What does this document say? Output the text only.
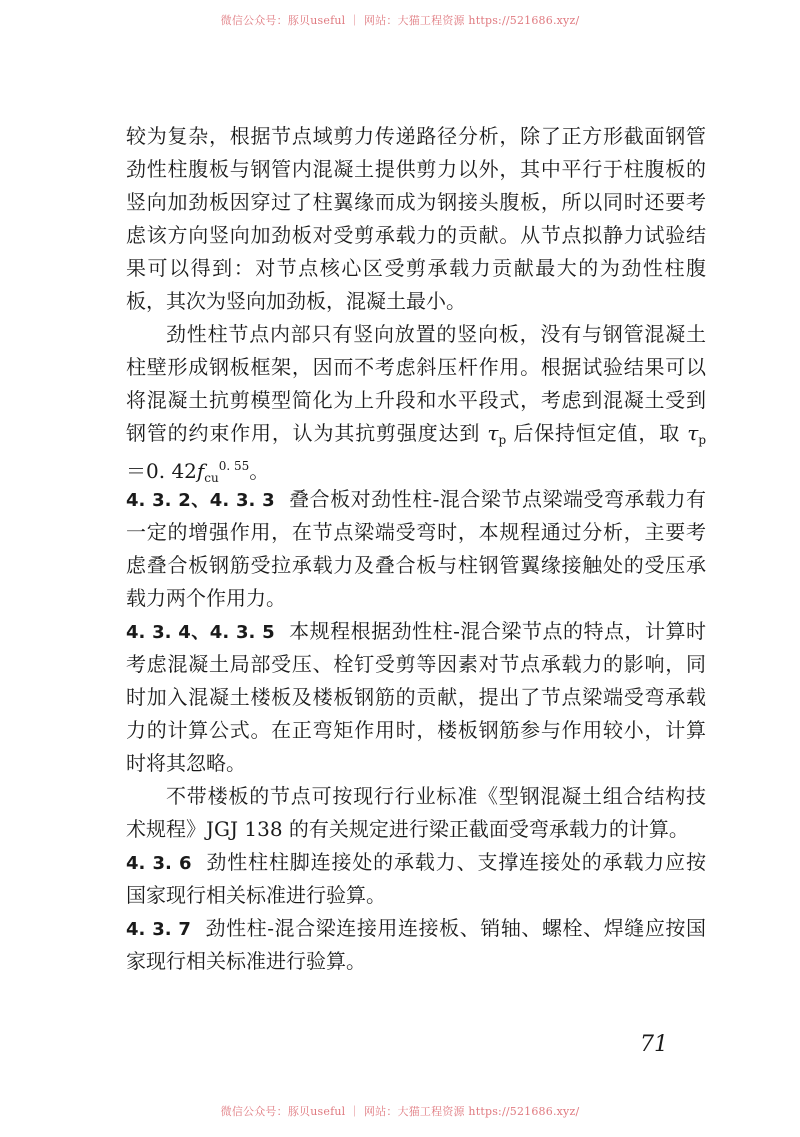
微信公众号：豚贝useful ｜ 网站：大猫工程资源 https://521686.xyz/
较为复杂，根据节点域剪力传递路径分析，除了正方形截面钢管
劲性柱腹板与钢管内混凝土提供剪力以外，其中平行于柱腹板的
竖向加劲板因穿过了柱翼缘而成为钢接头腹板，所以同时还要考
虑该方向竖向加劲板对受剪承载力的贡献。从节点拟静力试验结
果可以得到：对节点核心区受剪承载力贡献最大的为劲性柱腹
板，其次为竖向加劲板，混凝土最小。
劲性柱节点内部只有竖向放置的竖向板，没有与钢管混凝土
柱壁形成钢板框架，因而不考虑斜压杆作用。根据试验结果可以
将混凝土抗剪模型简化为上升段和水平段式，考虑到混凝土受到
钢管的约束作用，认为其抗剪强度达到 $\tau_p$ 后保持恒定值，取 $\tau_p$
＝0. $42f_{cu}^{0. 55}$。
4. 3. 2、4. 3. 3 叠合板对劲性柱-混合梁节点梁端受弯承载力有
一定的增强作用，在节点梁端受弯时，本规程通过分析，主要考
虑叠合板钢筋受拉承载力及叠合板与柱钢管翼缘接触处的受压承
载力两个作用力。
4. 3. 4、4. 3. 5 本规程根据劲性柱-混合梁节点的特点，计算时
考虑混凝土局部受压、栓钉受剪等因素对节点承载力的影响，同
时加入混凝土楼板及楼板钢筋的贡献，提出了节点梁端受弯承载
力的计算公式。在正弯矩作用时，楼板钢筋参与作用较小，计算
时将其忽略。
不带楼板的节点可按现行行业标准《型钢混凝土组合结构技
术规程》JGJ 138 的有关规定进行梁正截面受弯承载力的计算。
4. 3. 6 劲性柱柱脚连接处的承载力、支撑连接处的承载力应按
国家现行相关标准进行验算。
4. 3. 7 劲性柱-混合梁连接用连接板、销轴、螺栓、焊缝应按国
家现行相关标准进行验算。
71
微信公众号：豚贝useful ｜ 网站：大猫工程资源 https://521686.xyz/
